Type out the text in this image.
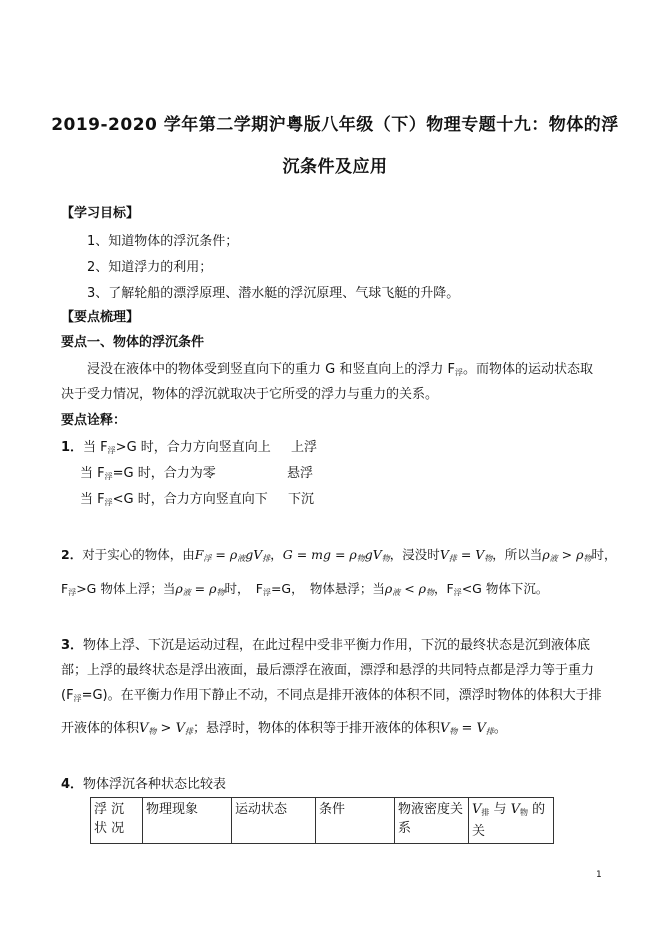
2019-2020 学年第二学期沪粤版八年级（下）物理专题十九：物体的浮
沉条件及应用
【学习目标】
1、知道物体的浮沉条件；
2、知道浮力的利用；
3、了解轮船的漂浮原理、潜水艇的浮沉原理、气球飞艇的升降。
【要点梳理】
要点一、物体的浮沉条件
浸没在液体中的物体受到竖直向下的重力 G 和竖直向上的浮力 $F_浮$。而物体的运动状态取
决于受力情况，物体的浮沉就取决于它所受的浮力与重力的关系。
要点诠释：
1．当 $F_浮>G$ 时，合力方向竖直向上 上浮
当 $F_浮=G$ 时，合力为零	悬浮
当 $F_浮<G$ 时，合力方向竖直向下 下沉
2．对于实心的物体，由F浮 = ρ液gV排，G = mg = ρ物gV物，浸没时V排 = V物，所以当ρ液 > ρ物时，
$F_浮>G$ 物体上浮；当ρ液 = ρ物时，　$F_浮=G$，　物体悬浮；当ρ液 < ρ物，$F_浮<G$ 物体下沉。
3．物体上浮、下沉是运动过程，在此过程中受非平衡力作用，下沉的最终状态是沉到液体底
部；上浮的最终状态是浮出液面，最后漂浮在液面，漂浮和悬浮的共同特点都是浮力等于重力
$(F_浮=G)$。在平衡力作用下静止不动，不同点是排开液体的体积不同，漂浮时物体的体积大于排
开液体的体积V物 > V排；悬浮时，物体的体积等于排开液体的体积V物 = V排。
4．物体浮沉各种状态比较表
浮 沉 状 况	物理现象	运动状态	条件	物液密度关系	V排 与 V物 的 关
1
